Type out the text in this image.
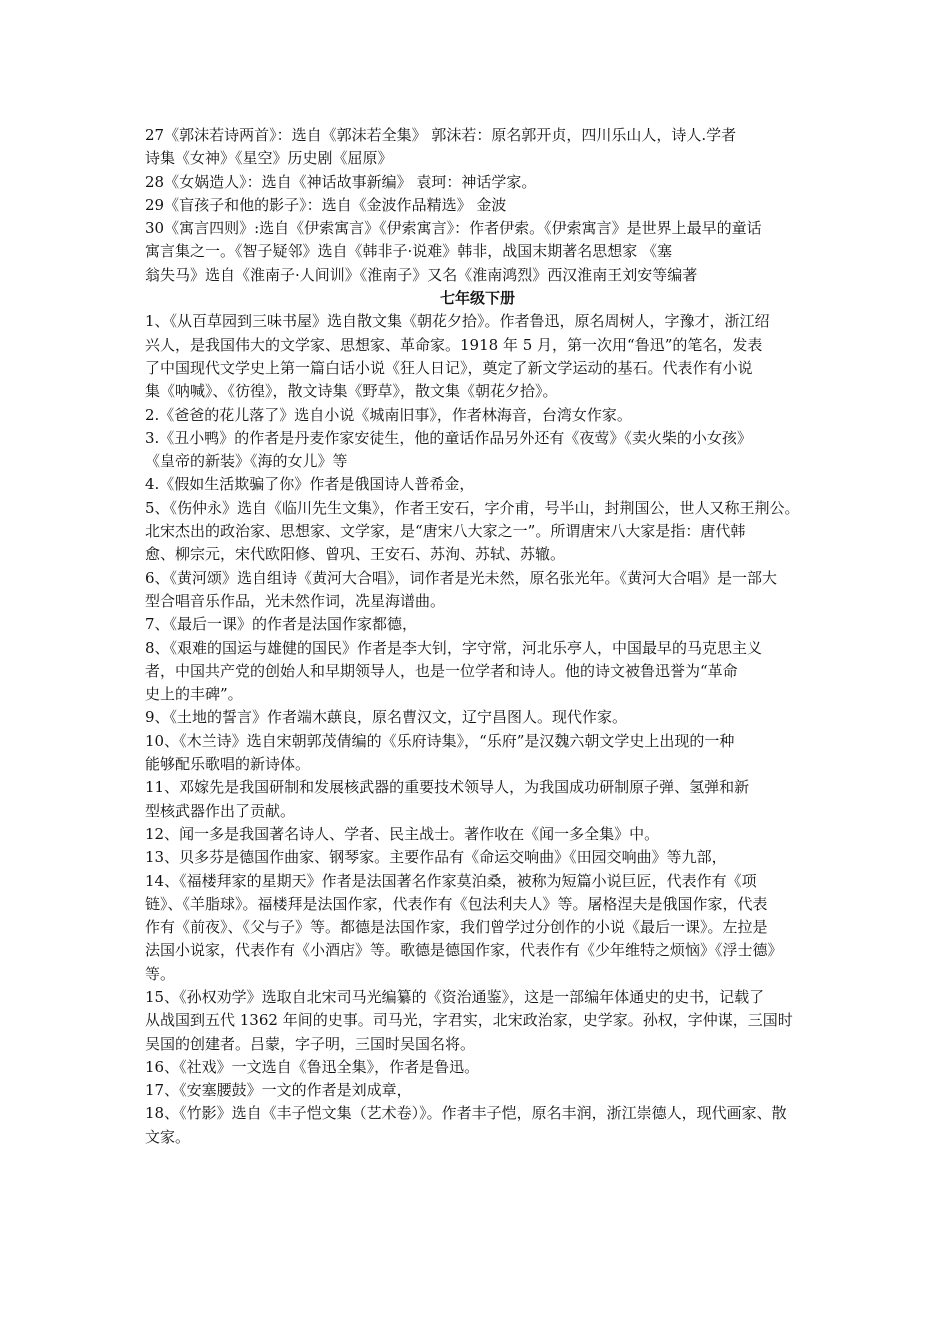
27《郭沫若诗两首》：选自《郭沫若全集》 郭沫若：原名郭开贞，四川乐山人，诗人.学者
诗集《女神》《星空》历史剧《屈原》
28《女娲造人》：选自《神话故事新编》 袁珂：神话学家。
29《盲孩子和他的影子》：选自《金波作品精选》 金波
30《寓言四则》:选自《伊索寓言》《伊索寓言》：作者伊索。《伊索寓言》是世界上最早的童话
寓言集之一。《智子疑邻》选自《韩非子·说难》韩非，战国末期著名思想家 《塞
翁失马》选自《淮南子·人间训》《淮南子》又名《淮南鸿烈》西汉淮南王刘安等编著
七年级下册
1、《从百草园到三味书屋》选自散文集《朝花夕拾》。作者鲁迅，原名周树人，字豫才，浙江绍
兴人，是我国伟大的文学家、思想家、革命家。1918 年 5 月，第一次用“鲁迅”的笔名，发表
了中国现代文学史上第一篇白话小说《狂人日记》，奠定了新文学运动的基石。代表作有小说
集《呐喊》、《彷徨》，散文诗集《野草》，散文集《朝花夕拾》。
2.《爸爸的花儿落了》选自小说《城南旧事》，作者林海音，台湾女作家。
3.《丑小鸭》的作者是丹麦作家安徒生，他的童话作品另外还有《夜莺》《卖火柴的小女孩》
《皇帝的新装》《海的女儿》等
4.《假如生活欺骗了你》作者是俄国诗人普希金，
5、《伤仲永》选自《临川先生文集》，作者王安石，字介甫，号半山，封荆国公，世人又称王荆公。
北宋杰出的政治家、思想家、文学家，是“唐宋八大家之一”。所谓唐宋八大家是指：唐代韩
愈、柳宗元，宋代欧阳修、曾巩、王安石、苏洵、苏轼、苏辙。
6、《黄河颂》选自组诗《黄河大合唱》，词作者是光未然，原名张光年。《黄河大合唱》是一部大
型合唱音乐作品，光未然作词，冼星海谱曲。
7、《最后一课》的作者是法国作家都德，
8、《艰难的国运与雄健的国民》作者是李大钊，字守常，河北乐亭人，中国最早的马克思主义
者，中国共产党的创始人和早期领导人，也是一位学者和诗人。他的诗文被鲁迅誉为“革命
史上的丰碑”。
9、《土地的誓言》作者端木蕻良，原名曹汉文，辽宁昌图人。现代作家。
10、《木兰诗》选自宋朝郭茂倩编的《乐府诗集》，“乐府”是汉魏六朝文学史上出现的一种
能够配乐歌唱的新诗体。
11、邓嫁先是我国研制和发展核武器的重要技术领导人，为我国成功研制原子弹、氢弹和新
型核武器作出了贡献。
12、闻一多是我国著名诗人、学者、民主战士。著作收在《闻一多全集》中。
13、贝多芬是德国作曲家、钢琴家。主要作品有《命运交响曲》《田园交响曲》等九部，
14、《福楼拜家的星期天》作者是法国著名作家莫泊桑，被称为短篇小说巨匠，代表作有《项
链》、《羊脂球》。福楼拜是法国作家，代表作有《包法利夫人》等。屠格涅夫是俄国作家，代表
作有《前夜》、《父与子》等。都德是法国作家，我们曾学过分创作的小说《最后一课》。左拉是
法国小说家，代表作有《小酒店》等。歌德是德国作家，代表作有《少年维特之烦恼》《浮士德》
等。
15、《孙权劝学》选取自北宋司马光编纂的《资治通鉴》，这是一部编年体通史的史书，记载了
从战国到五代 1362 年间的史事。司马光，字君实，北宋政治家，史学家。孙权，字仲谋，三国时
吴国的创建者。吕蒙，字子明，三国时吴国名将。
16、《社戏》一文选自《鲁迅全集》，作者是鲁迅。
17、《安塞腰鼓》一文的作者是刘成章，
18、《竹影》选自《丰子恺文集（艺术卷）》。作者丰子恺，原名丰润，浙江崇德人，现代画家、散
文家。
